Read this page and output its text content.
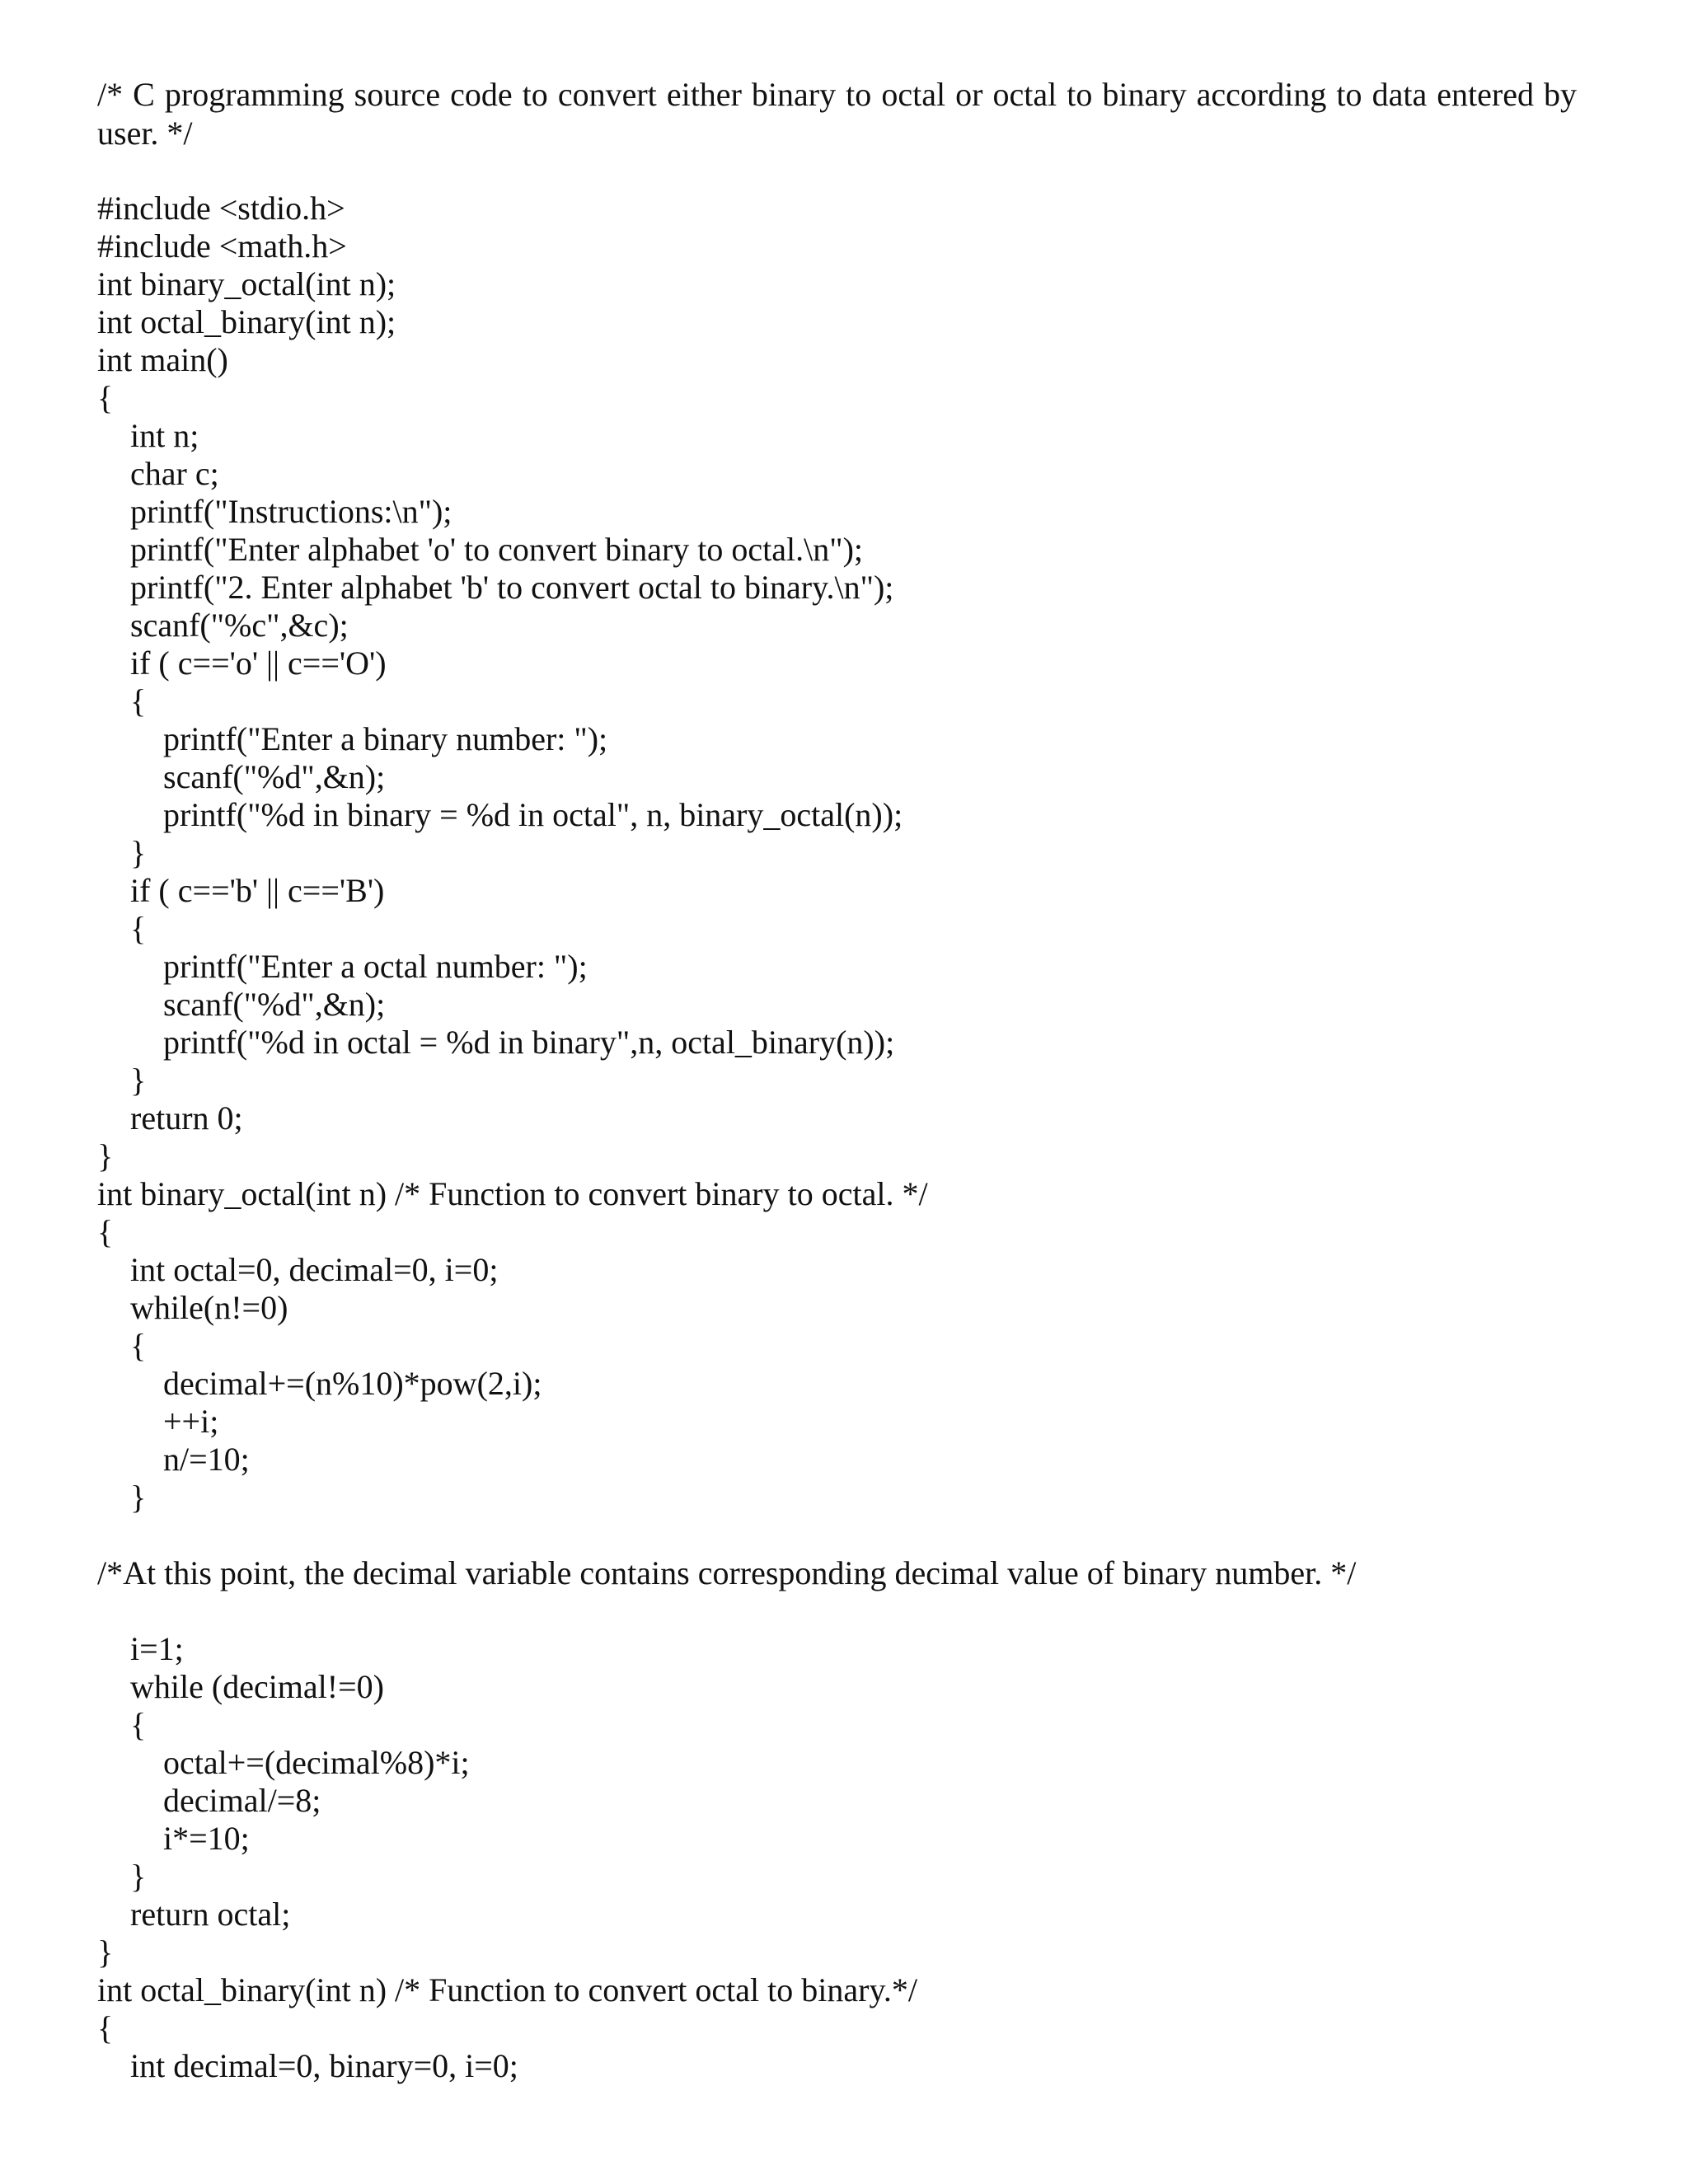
/* C programming source code to convert either binary to octal or octal to binary according to data entered by
user. */
#include <stdio.h>
#include <math.h>
int binary_octal(int n);
int octal_binary(int n);
int main()
{
int n;
char c;
printf("Instructions:\n");
printf("Enter alphabet 'o' to convert binary to octal.\n");
printf("2. Enter alphabet 'b' to convert octal to binary.\n");
scanf("%c",&c);
if ( c=='o' || c=='O')
{
printf("Enter a binary number: ");
scanf("%d",&n);
printf("%d in binary = %d in octal", n, binary_octal(n));
}
if ( c=='b' || c=='B')
{
printf("Enter a octal number: ");
scanf("%d",&n);
printf("%d in octal = %d in binary",n, octal_binary(n));
}
return 0;
}
int binary_octal(int n) /* Function to convert binary to octal. */
{
int octal=0, decimal=0, i=0;
while(n!=0)
{
decimal+=(n%10)*pow(2,i);
++i;
n/=10;
}
/*At this point, the decimal variable contains corresponding decimal value of binary number. */
i=1;
while (decimal!=0)
{
octal+=(decimal%8)*i;
decimal/=8;
i*=10;
}
return octal;
}
int octal_binary(int n) /* Function to convert octal to binary.*/
{
int decimal=0, binary=0, i=0;
